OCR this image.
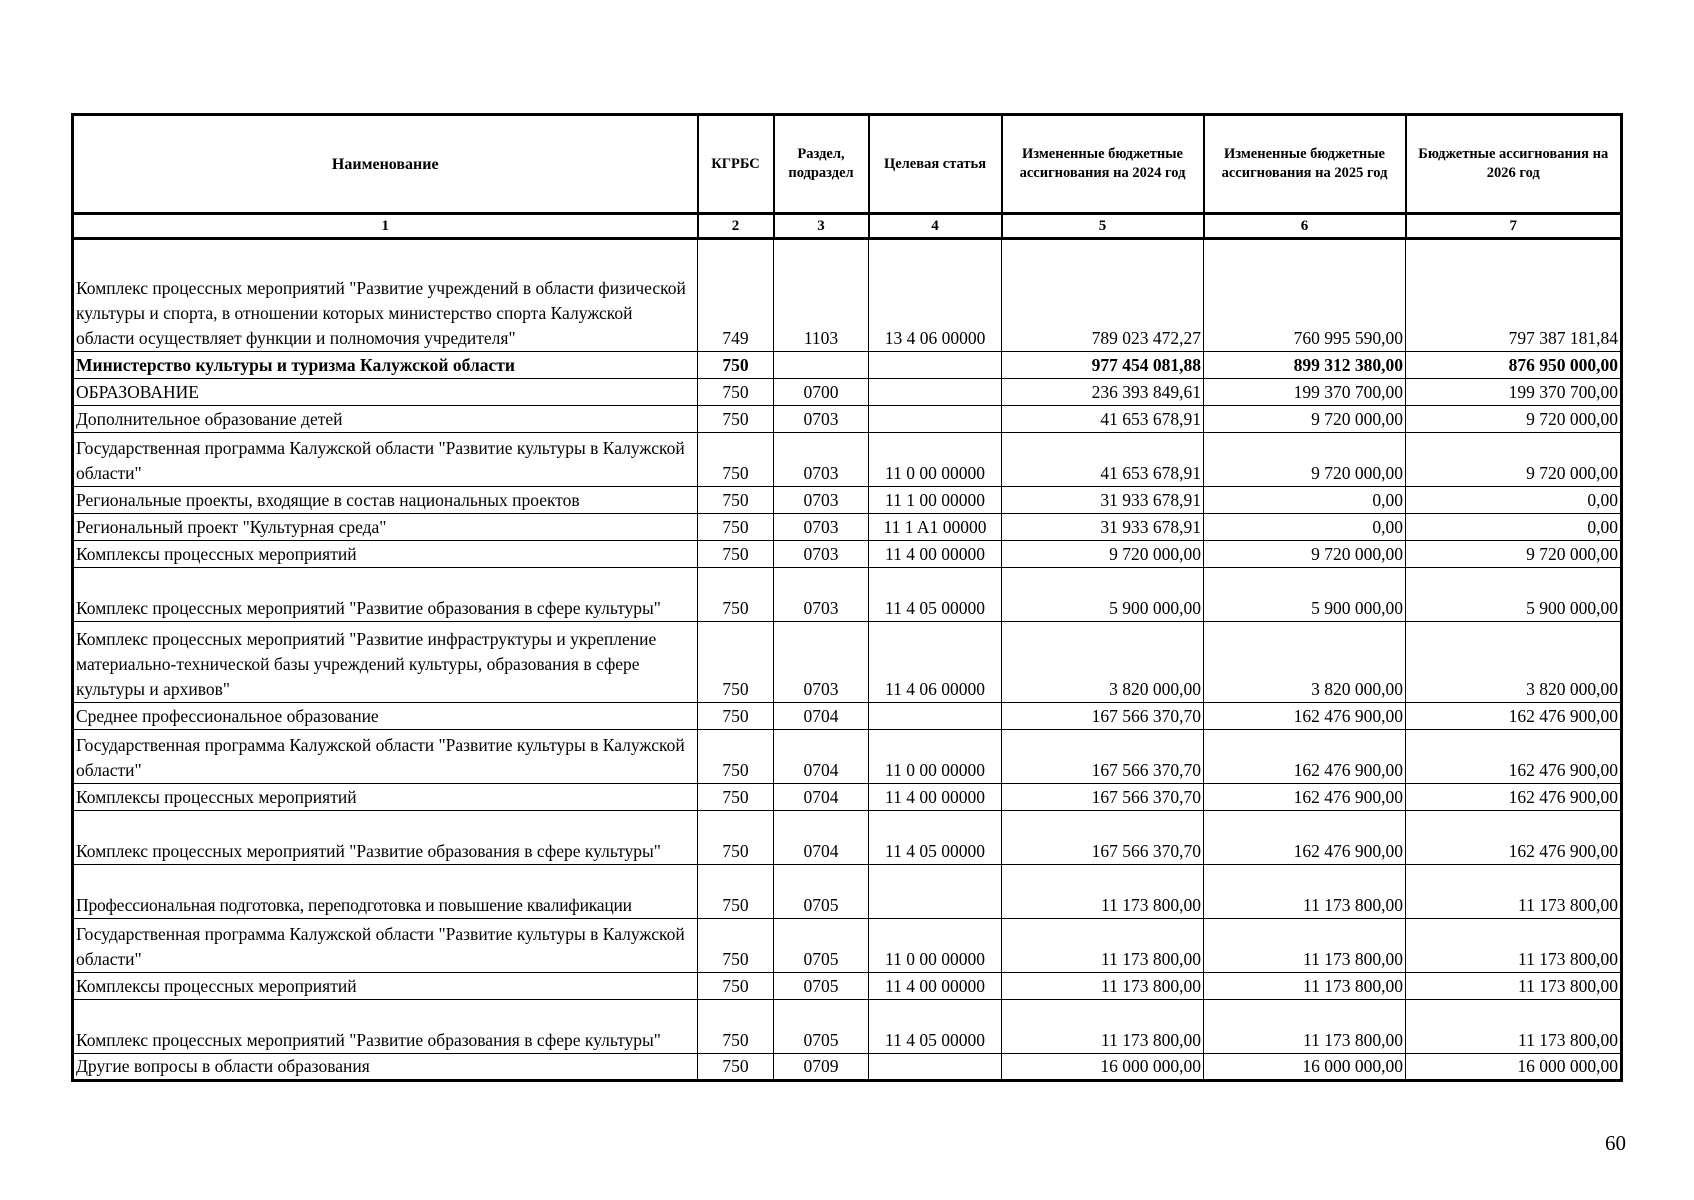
Наименование	КГРБС	Раздел, подраздел	Целевая статья	Измененные бюджетные ассигнования на 2024 год	Измененные бюджетные ассигнования на 2025 год	Бюджетные ассигнования на 2026 год
1	2	3	4	5	6	7
Комплекс процессных мероприятий "Развитие учреждений в области физической культуры и спорта, в отношении которых министерство спорта Калужской области осуществляет функции и полномочия учредителя"	749	1103	13 4 06 00000	789 023 472,27	760 995 590,00	797 387 181,84
Министерство культуры и туризма Калужской области	750			977 454 081,88	899 312 380,00	876 950 000,00
ОБРАЗОВАНИЕ	750	0700		236 393 849,61	199 370 700,00	199 370 700,00
Дополнительное образование детей	750	0703		41 653 678,91	9 720 000,00	9 720 000,00
Государственная программа Калужской области "Развитие культуры в Калужской области"	750	0703	11 0 00 00000	41 653 678,91	9 720 000,00	9 720 000,00
Региональные проекты, входящие в состав национальных проектов	750	0703	11 1 00 00000	31 933 678,91	0,00	0,00
Региональный проект "Культурная среда"	750	0703	11 1 A1 00000	31 933 678,91	0,00	0,00
Комплексы процессных мероприятий	750	0703	11 4 00 00000	9 720 000,00	9 720 000,00	9 720 000,00
Комплекс процессных мероприятий "Развитие образования в сфере культуры"	750	0703	11 4 05 00000	5 900 000,00	5 900 000,00	5 900 000,00
Комплекс процессных мероприятий "Развитие инфраструктуры и укрепление материально-технической базы учреждений культуры, образования в сфере культуры и архивов"	750	0703	11 4 06 00000	3 820 000,00	3 820 000,00	3 820 000,00
Среднее профессиональное образование	750	0704		167 566 370,70	162 476 900,00	162 476 900,00
Государственная программа Калужской области "Развитие культуры в Калужской области"	750	0704	11 0 00 00000	167 566 370,70	162 476 900,00	162 476 900,00
Комплексы процессных мероприятий	750	0704	11 4 00 00000	167 566 370,70	162 476 900,00	162 476 900,00
Комплекс процессных мероприятий "Развитие образования в сфере культуры"	750	0704	11 4 05 00000	167 566 370,70	162 476 900,00	162 476 900,00
Профессиональная подготовка, переподготовка и повышение квалификации	750	0705		11 173 800,00	11 173 800,00	11 173 800,00
Государственная программа Калужской области "Развитие культуры в Калужской области"	750	0705	11 0 00 00000	11 173 800,00	11 173 800,00	11 173 800,00
Комплексы процессных мероприятий	750	0705	11 4 00 00000	11 173 800,00	11 173 800,00	11 173 800,00
Комплекс процессных мероприятий "Развитие образования в сфере культуры"	750	0705	11 4 05 00000	11 173 800,00	11 173 800,00	11 173 800,00
Другие вопросы в области образования	750	0709		16 000 000,00	16 000 000,00	16 000 000,00
60
